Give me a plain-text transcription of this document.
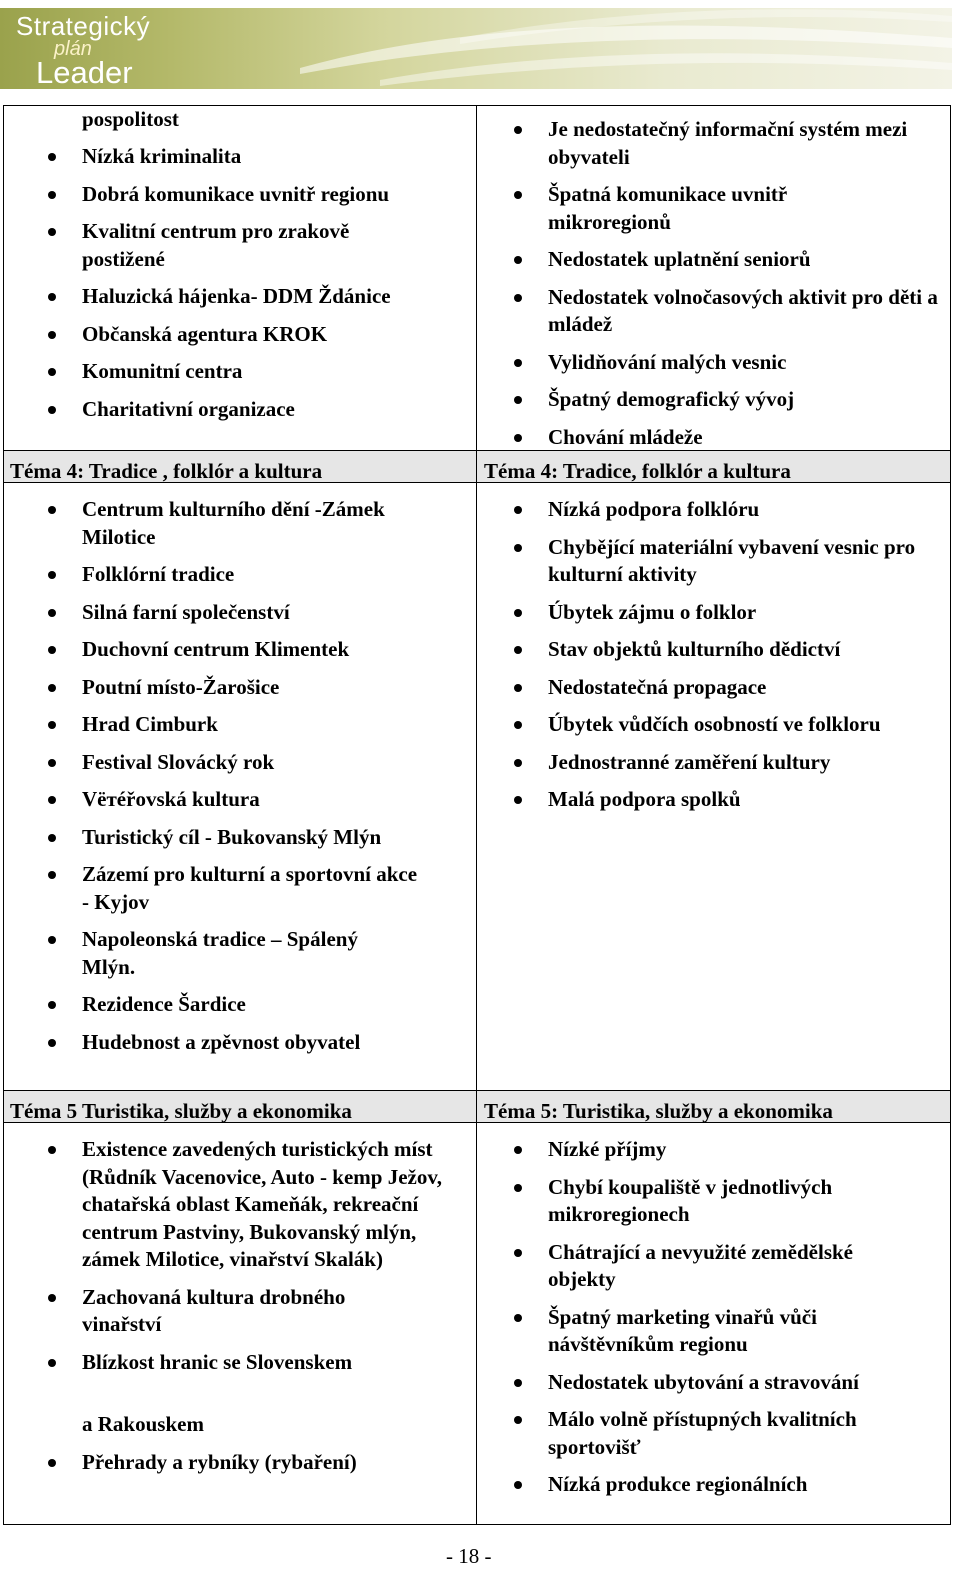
Strategický
plán
Leader
pospolitost
Nízká kriminalita
Dobrá komunikace uvnitř regionu
Kvalitní centrum pro zrakově postižené
Haluzická hájenka- DDM Ždánice
Občanská agentura KROK
Komunitní centra
Charitativní organizace
Je nedostatečný informační systém mezi obyvateli
Špatná komunikace uvnitř mikroregionů
Nedostatek uplatnění seniorů
Nedostatek volnočasových aktivit pro děti a mládež
Vylidňování malých vesnic
Špatný demografický vývoj
Chování mládeže
Téma 4: Tradice , folklór a kultura	Téma 4: Tradice, folklór a kultura
Centrum kulturního dění -Zámek Milotice
Folklórní tradice
Silná farní společenství
Duchovní centrum Klimentek
Poutní místo-Žarošice
Hrad Cimburk
Festival Slovácký rok
Vётéřovská kultura
Turistický cíl - Bukovanský Mlýn
Zázemí pro kulturní a sportovní akce - Kyjov
Napoleonská tradice – Spálený Mlýn.
Rezidence Šardice
Hudebnost a zpěvnost obyvatel
Nízká podpora folklóru
Chybějící materiální vybavení vesnic pro kulturní aktivity
Úbytek zájmu o folklor
Stav objektů kulturního dědictví
Nedostatečná propagace
Úbytek vůdčích osobností ve folkloru
Jednostranné zaměření kultury
Malá podpora spolků
Téma 5 Turistika, služby a ekonomika	Téma 5: Turistika, služby a ekonomika
Existence zavedených turistických míst (Růdník Vacenovice, Auto - kemp Ježov, chatařská oblast Kameňák, rekreační centrum Pastviny, Bukovanský mlýn, zámek Milotice, vinařství Skalák)
Zachovaná kultura drobného vinařství
Blízkost hranic se Slovenskem
a Rakouskem
Přehrady a rybníky (rybaření)
Nízké příjmy
Chybí koupaliště v jednotlivých mikroregionech
Chátrající a nevyužité zemědělské objekty
Špatný marketing vinařů vůči návštěvníkům regionu
Nedostatek ubytování a stravování
Málo volně přístupných kvalitních sportovišť
Nízká produkce regionálních
- 18 -
